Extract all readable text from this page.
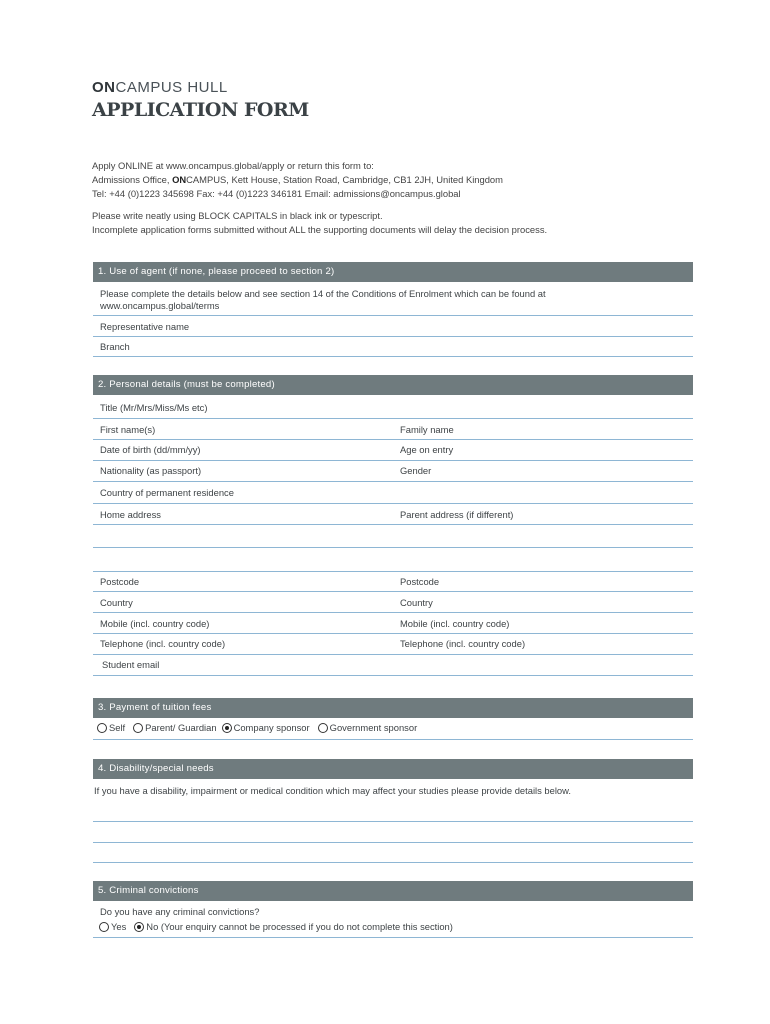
ONCAMPUS HULL
APPLICATION FORM
Apply ONLINE at www.oncampus.global/apply or return this form to:
Admissions Office, ONCAMPUS, Kett House, Station Road, Cambridge, CB1 2JH, United Kingdom
Tel: +44 (0)1223 345698 Fax: +44 (0)1223 346181 Email: admissions@oncampus.global
Please write neatly using BLOCK CAPITALS in black ink or typescript.
Incomplete application forms submitted without ALL the supporting documents will delay the decision process.
1. Use of agent (if none, please proceed to section 2)
Please complete the details below and see section 14 of the Conditions of Enrolment which can be found at
www.oncampus.global/terms
Representative name
Branch
2. Personal details (must be completed)
Title (Mr/Mrs/Miss/Ms etc)
First name(s)	Family name
Date of birth (dd/mm/yy)	Age on entry
Nationality (as passport)	Gender
Country of permanent residence
Home address	Parent address (if different)
Postcode	Postcode
Country	Country
Mobile (incl. country code)	Mobile (incl. country code)
Telephone (incl. country code)	Telephone (incl. country code)
Student email
3. Payment of tuition fees
Self Parent/ Guardian Company sponsor Government sponsor
4. Disability/special needs
If you have a disability, impairment or medical condition which may affect your studies please provide details below.
5. Criminal convictions
Do you have any criminal convictions?
Yes No (Your enquiry cannot be processed if you do not complete this section)
